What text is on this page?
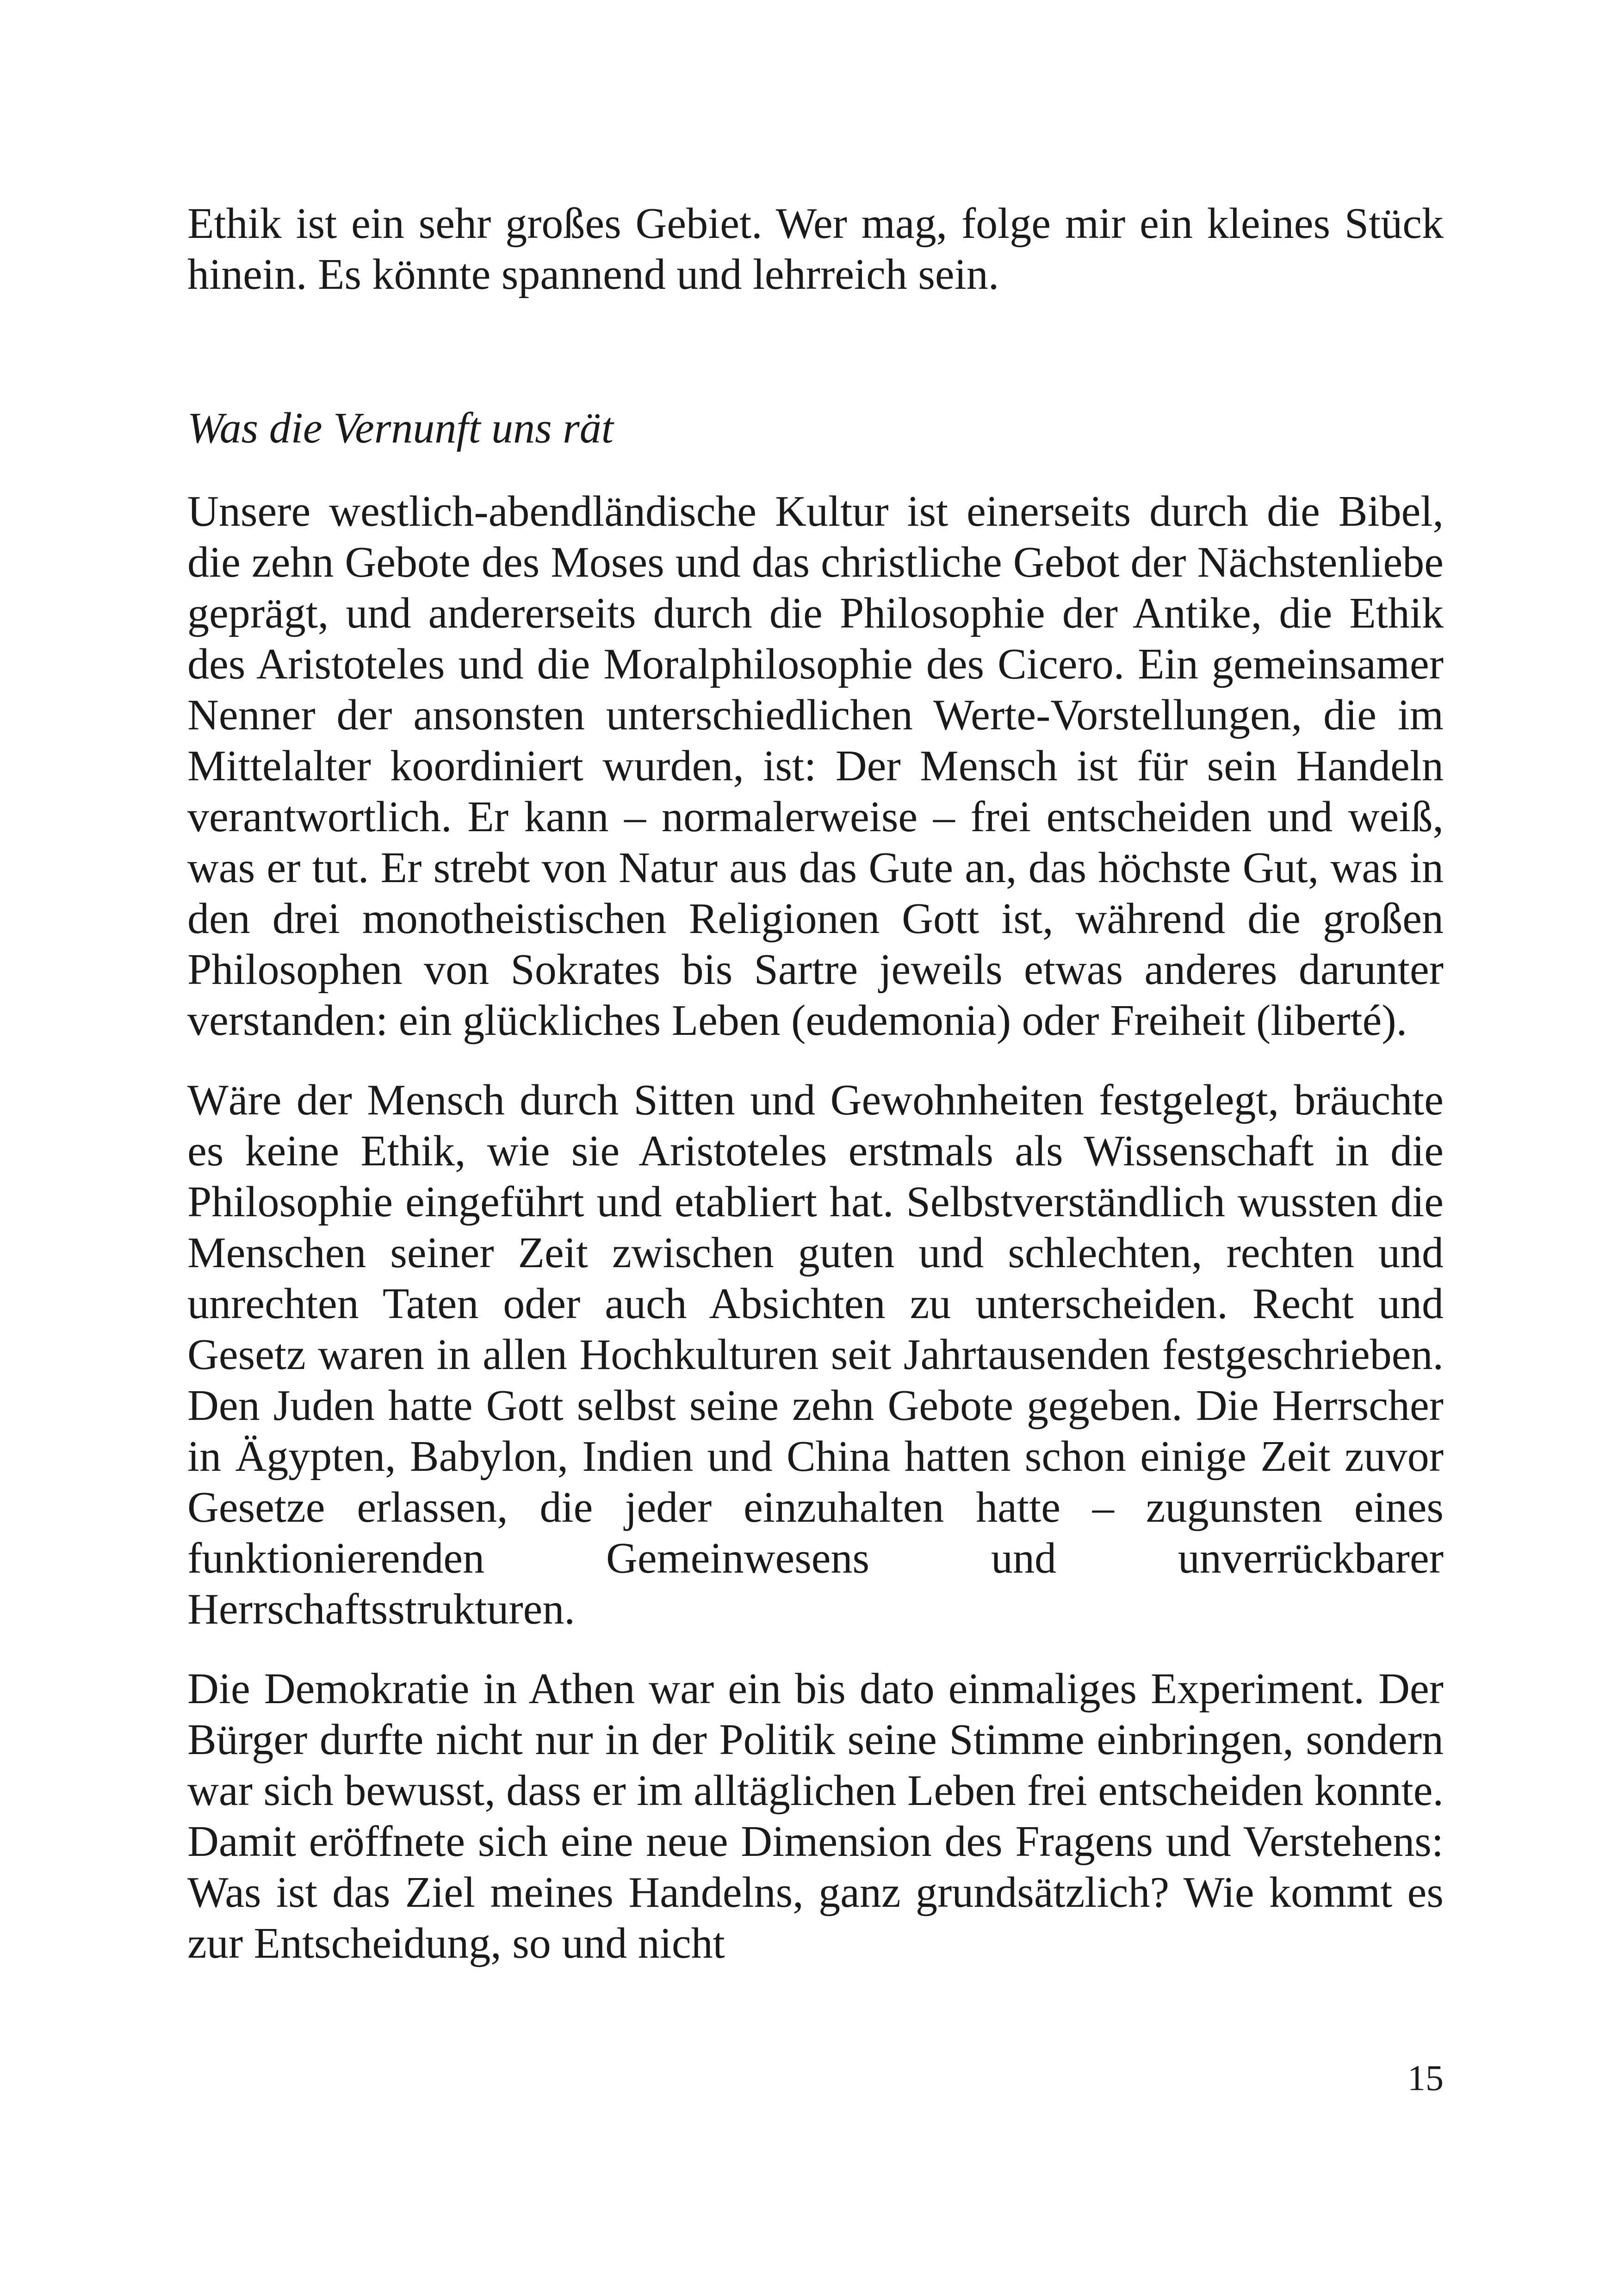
Ethik ist ein sehr großes Gebiet. Wer mag, folge mir ein kleines Stück hinein. Es könnte spannend und lehrreich sein.

Was die Vernunft uns rät

Unsere westlich-abendländische Kultur ist einerseits durch die Bibel, die zehn Gebote des Moses und das christliche Gebot der Nächstenliebe geprägt, und andererseits durch die Philosophie der Antike, die Ethik des Aristoteles und die Moralphilosophie des Cicero. Ein gemeinsamer Nenner der ansonsten unterschiedlichen Werte-Vorstellungen, die im Mittelalter koordiniert wurden, ist: Der Mensch ist für sein Handeln verantwortlich. Er kann – normalerweise – frei entscheiden und weiß, was er tut. Er strebt von Natur aus das Gute an, das höchste Gut, was in den drei monotheistischen Religionen Gott ist, während die großen Philosophen von Sokrates bis Sartre jeweils etwas anderes darunter verstanden: ein glückliches Leben (eudemonia) oder Freiheit (liberté).

Wäre der Mensch durch Sitten und Gewohnheiten festgelegt, bräuchte es keine Ethik, wie sie Aristoteles erstmals als Wissenschaft in die Philosophie eingeführt und etabliert hat. Selbstverständlich wussten die Menschen seiner Zeit zwischen guten und schlechten, rechten und unrechten Taten oder auch Absichten zu unterscheiden. Recht und Gesetz waren in allen Hochkulturen seit Jahrtausenden festgeschrieben. Den Juden hatte Gott selbst seine zehn Gebote gegeben. Die Herrscher in Ägypten, Babylon, Indien und China hatten schon einige Zeit zuvor Gesetze erlassen, die jeder einzuhalten hatte – zugunsten eines funktionierenden Gemeinwesens und unverrückbarer Herrschaftsstrukturen.

Die Demokratie in Athen war ein bis dato einmaliges Experiment. Der Bürger durfte nicht nur in der Politik seine Stimme einbringen, sondern war sich bewusst, dass er im alltäglichen Leben frei entscheiden konnte. Damit eröffnete sich eine neue Dimension des Fragens und Verstehens: Was ist das Ziel meines Handelns, ganz grundsätzlich? Wie kommt es zur Entscheidung, so und nicht

15
